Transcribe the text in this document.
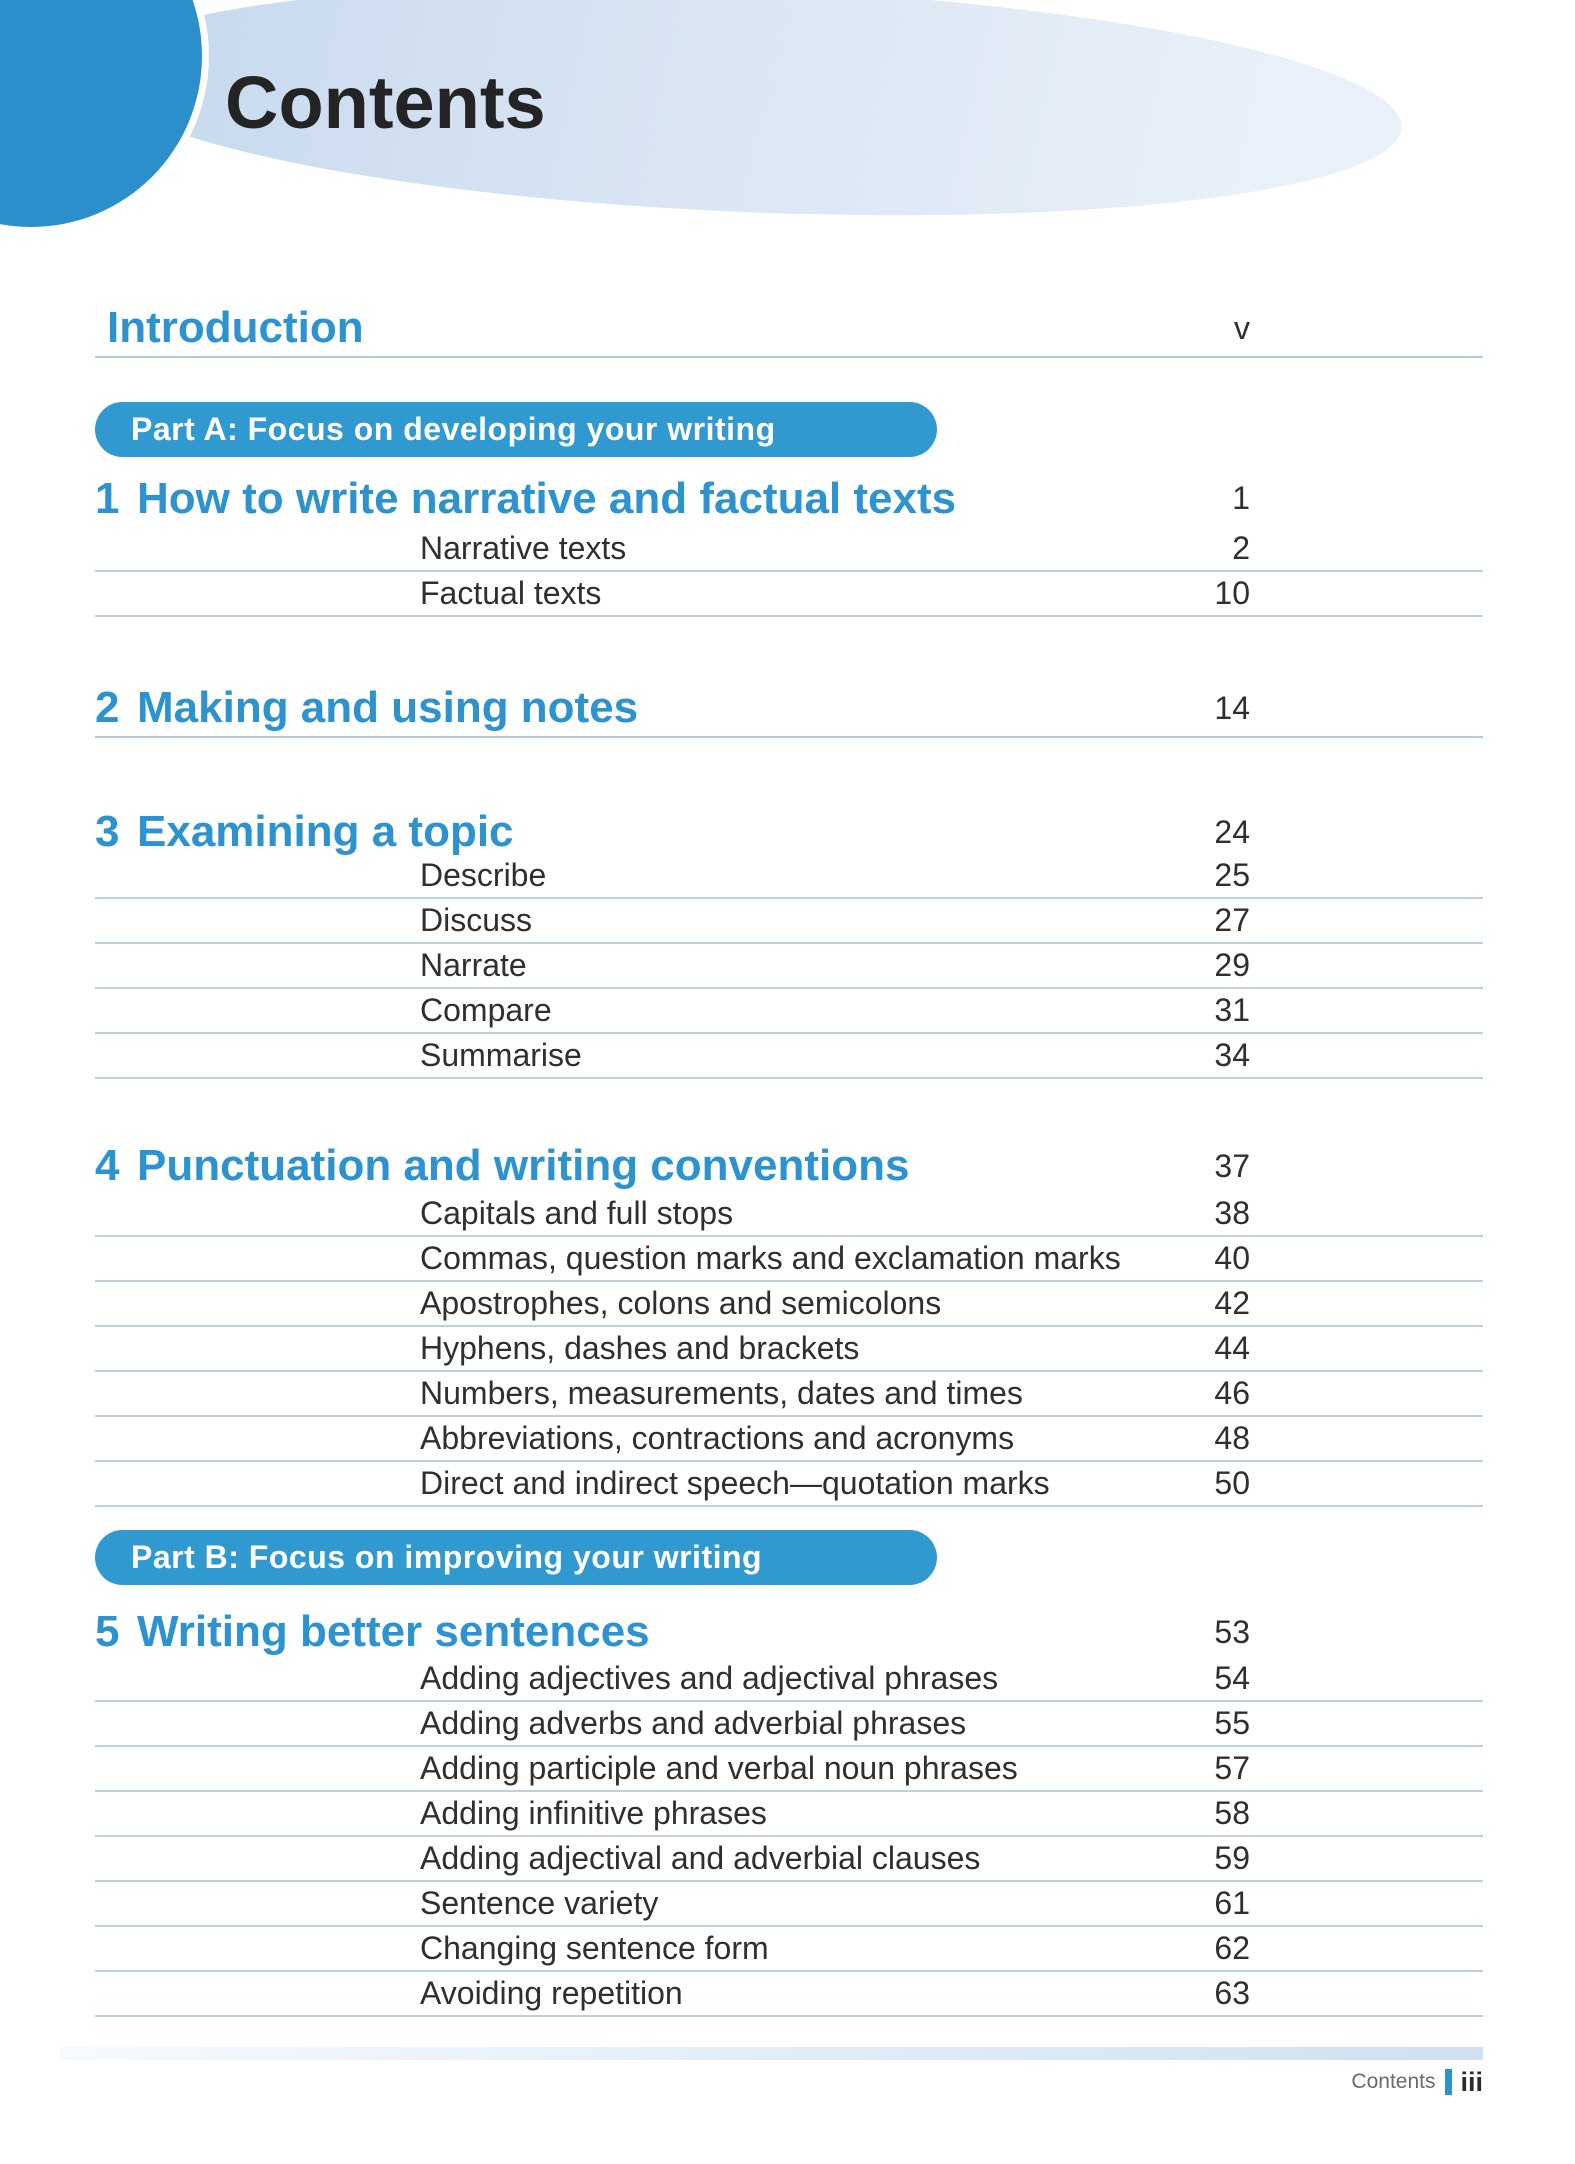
Contents
Introduction	v
Part A: Focus on developing your writing
Part B: Focus on improving your writing
Contents iii
1 How to write narrative and factual texts	1
Narrative texts	2
Factual texts	10
2 Making and using notes	14
3 Examining a topic	24
Describe	25
Discuss	27
Narrate	29
Compare	31
Summarise	34
4 Punctuation and writing conventions	37
Capitals and full stops	38
Commas, question marks and exclamation marks	40
Apostrophes, colons and semicolons	42
Hyphens, dashes and brackets	44
Numbers, measurements, dates and times	46
Abbreviations, contractions and acronyms	48
Direct and indirect speech—quotation marks	50
5 Writing better sentences	53
Adding adjectives and adjectival phrases	54
Adding adverbs and adverbial phrases	55
Adding participle and verbal noun phrases	57
Adding infinitive phrases	58
Adding adjectival and adverbial clauses	59
Sentence variety	61
Changing sentence form	62
Avoiding repetition	63
